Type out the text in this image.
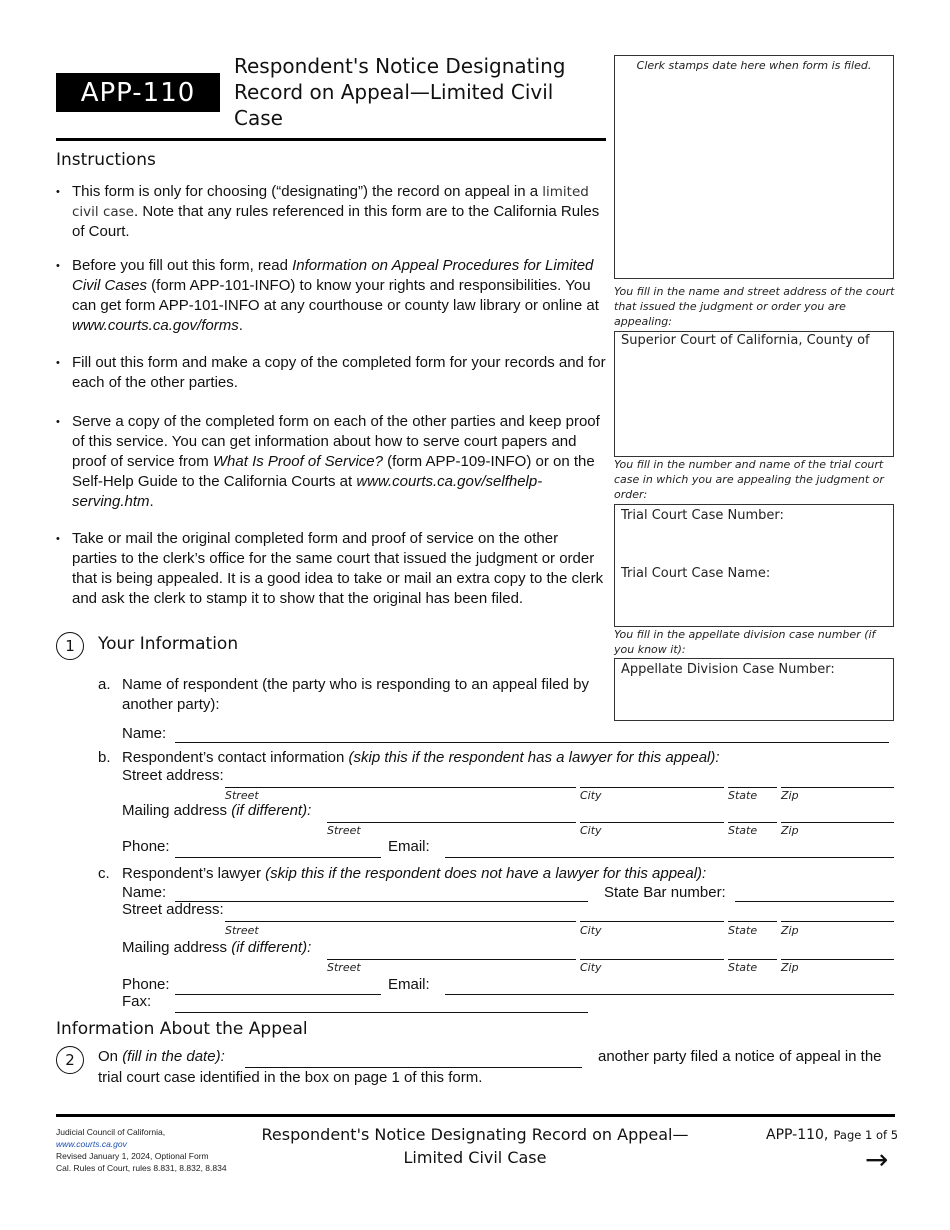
APP-110
Respondent's Notice Designating Record on Appeal—Limited Civil Case
Clerk stamps date here when form is filed.
You fill in the name and street address of the court that issued the judgment or order you are appealing:
Superior Court of California, County of
You fill in the number and name of the trial court case in which you are appealing the judgment or order:
Trial Court Case Number:
Trial Court Case Name:
You fill in the appellate division case number (if you know it):
Appellate Division Case Number:
Instructions
• This form is only for choosing (“designating”) the record on appeal in a limited civil case. Note that any rules referenced in this form are to the California Rules of Court.
• Before you fill out this form, read Information on Appeal Procedures for Limited Civil Cases (form APP-101-INFO) to know your rights and responsibilities. You can get form APP-101-INFO at any courthouse or county law library or online at www.courts.ca.gov/forms.
• Fill out this form and make a copy of the completed form for your records and for each of the other parties.
• Serve a copy of the completed form on each of the other parties and keep proof of this service. You can get information about how to serve court papers and proof of service from What Is Proof of Service? (form APP-109-INFO) or on the Self-Help Guide to the California Courts at www.courts.ca.gov/selfhelp-serving.htm.
• Take or mail the original completed form and proof of service on the other parties to the clerk’s office for the same court that issued the judgment or order that is being appealed. It is a good idea to take or mail an extra copy to the clerk and ask the clerk to stamp it to show that the original has been filed.
1	Your Information
a. Name of respondent (the party who is responding to an appeal filed by another party):
Name:
b. Respondent’s contact information (skip this if the respondent has a lawyer for this appeal):
Street address:
Street	City	State Zip
Mailing address (if different):
Street	City	State Zip
Phone:	Email:
c. Respondent’s lawyer (skip this if the respondent does not have a lawyer for this appeal):
Name:	State Bar number:
Street address:
Street	City	State Zip
Mailing address (if different):
Street	City	State Zip
Phone:	Email:
Fax:
Information About the Appeal
2	On (fill in the date):	another party filed a notice of appeal in the
trial court case identified in the box on page 1 of this form.
Judicial Council of California,
www.courts.ca.gov
Revised January 1, 2024, Optional Form
Cal. Rules of Court, rules 8.831, 8.832, 8.834
Respondent's Notice Designating Record on Appeal—
Limited Civil Case
APP-110, Page 1 of 5
→
